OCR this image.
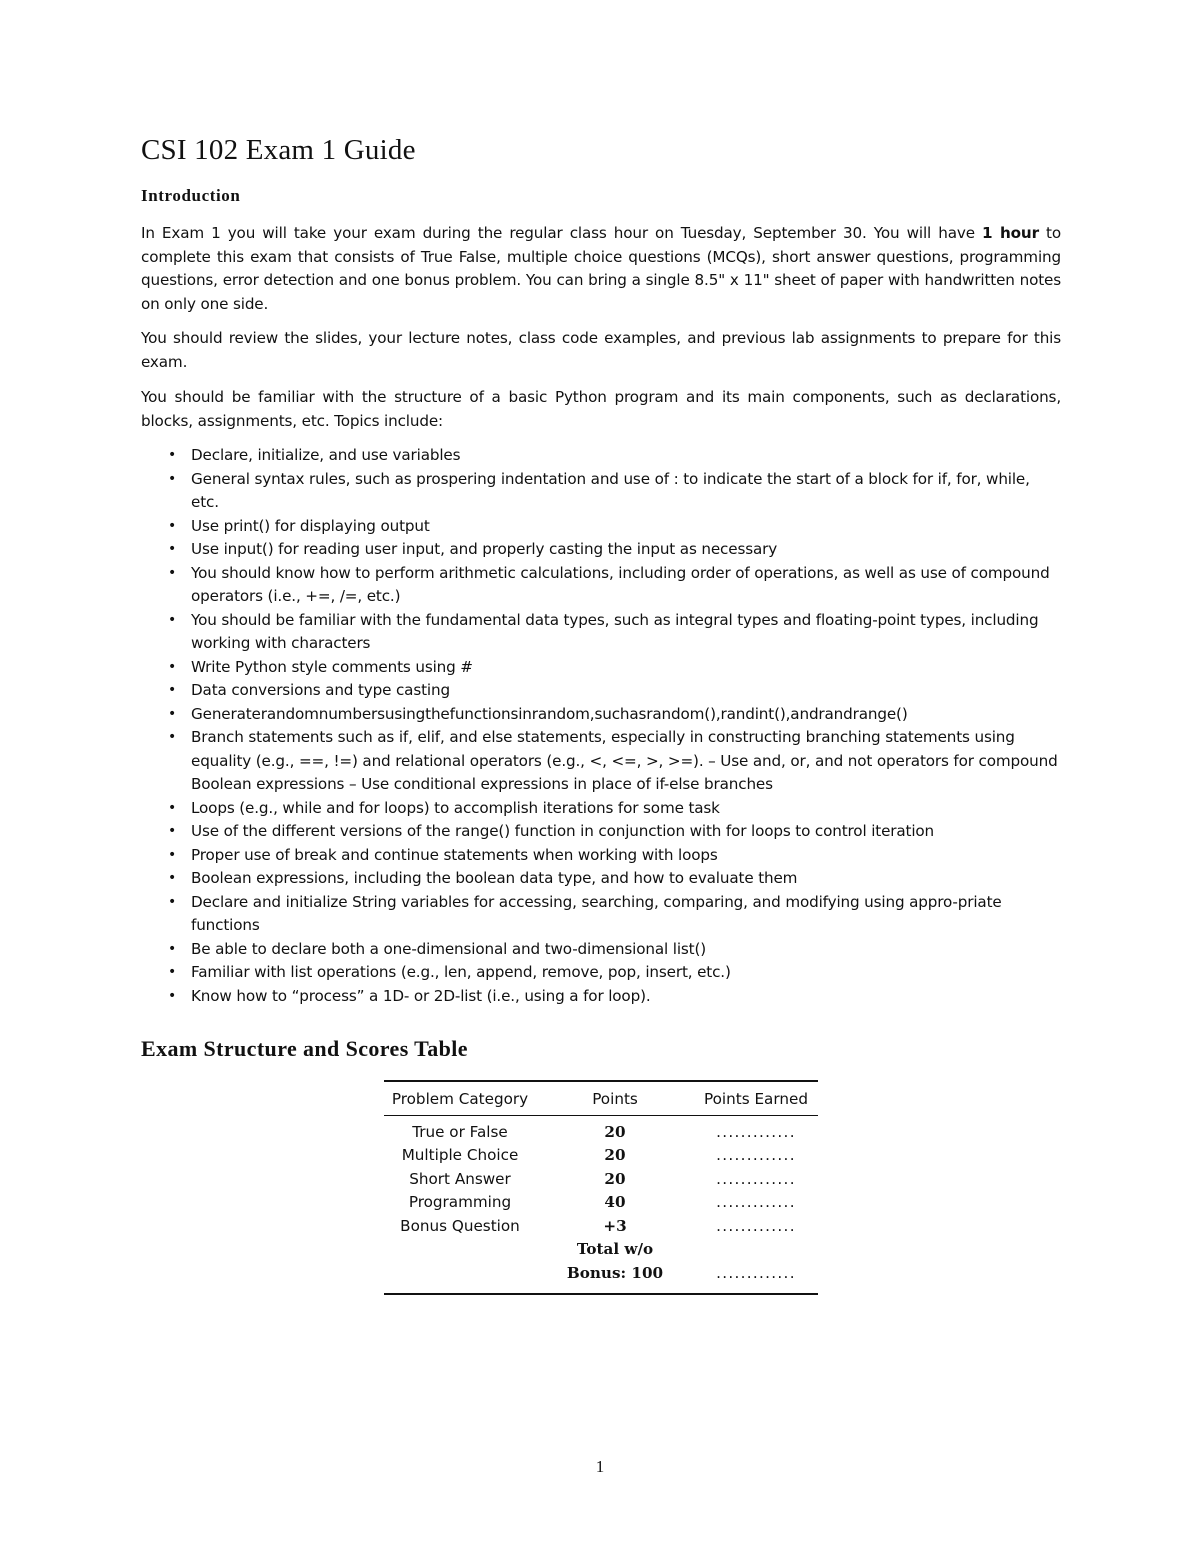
CSI 102 Exam 1 Guide
Introduction

In Exam 1 you will take your exam during the regular class hour on Tuesday, September 30. You will have 1 hour to complete this exam that consists of True False, multiple choice questions (MCQs), short answer questions, programming questions, error detection and one bonus problem. You can bring a single 8.5" x 11" sheet of paper with handwritten notes on only one side.

You should review the slides, your lecture notes, class code examples, and previous lab assignments to prepare for this exam.

You should be familiar with the structure of a basic Python program and its main components, such as declarations, blocks, assignments, etc. Topics include:

• Declare, initialize, and use variables
• General syntax rules, such as prospering indentation and use of : to indicate the start of a block for if, for, while, etc.
• Use print() for displaying output
• Use input() for reading user input, and properly casting the input as necessary
• You should know how to perform arithmetic calculations, including order of operations, as well as use of compound operators (i.e., +=, /=, etc.)
• You should be familiar with the fundamental data types, such as integral types and floating-point types, including working with characters
• Write Python style comments using #
• Data conversions and type casting
• Generaterandomnumbersusingthefunctionsinrandom,suchasrandom(),randint(),andrandrange()
• Branch statements such as if, elif, and else statements, especially in constructing branching statements using equality (e.g., ==, !=) and relational operators (e.g., <, <=, >, >=). – Use and, or, and not operators for compound Boolean expressions – Use conditional expressions in place of if-else branches
• Loops (e.g., while and for loops) to accomplish iterations for some task
• Use of the different versions of the range() function in conjunction with for loops to control iteration
• Proper use of break and continue statements when working with loops
• Boolean expressions, including the boolean data type, and how to evaluate them
• Declare and initialize String variables for accessing, searching, comparing, and modifying using appro-priate functions
• Be able to declare both a one-dimensional and two-dimensional list()
• Familiar with list operations (e.g., len, append, remove, pop, insert, etc.)
• Know how to “process” a 1D- or 2D-list (i.e., using a for loop).
Exam Structure and Scores Table
Problem Category	Points	Points Earned
True or False	20	.............
Multiple Choice	20	.............
Short Answer	20	.............
Programming	40	.............
Bonus Question	+3	.............
	Total w/o	
	Bonus: 100	.............
1
